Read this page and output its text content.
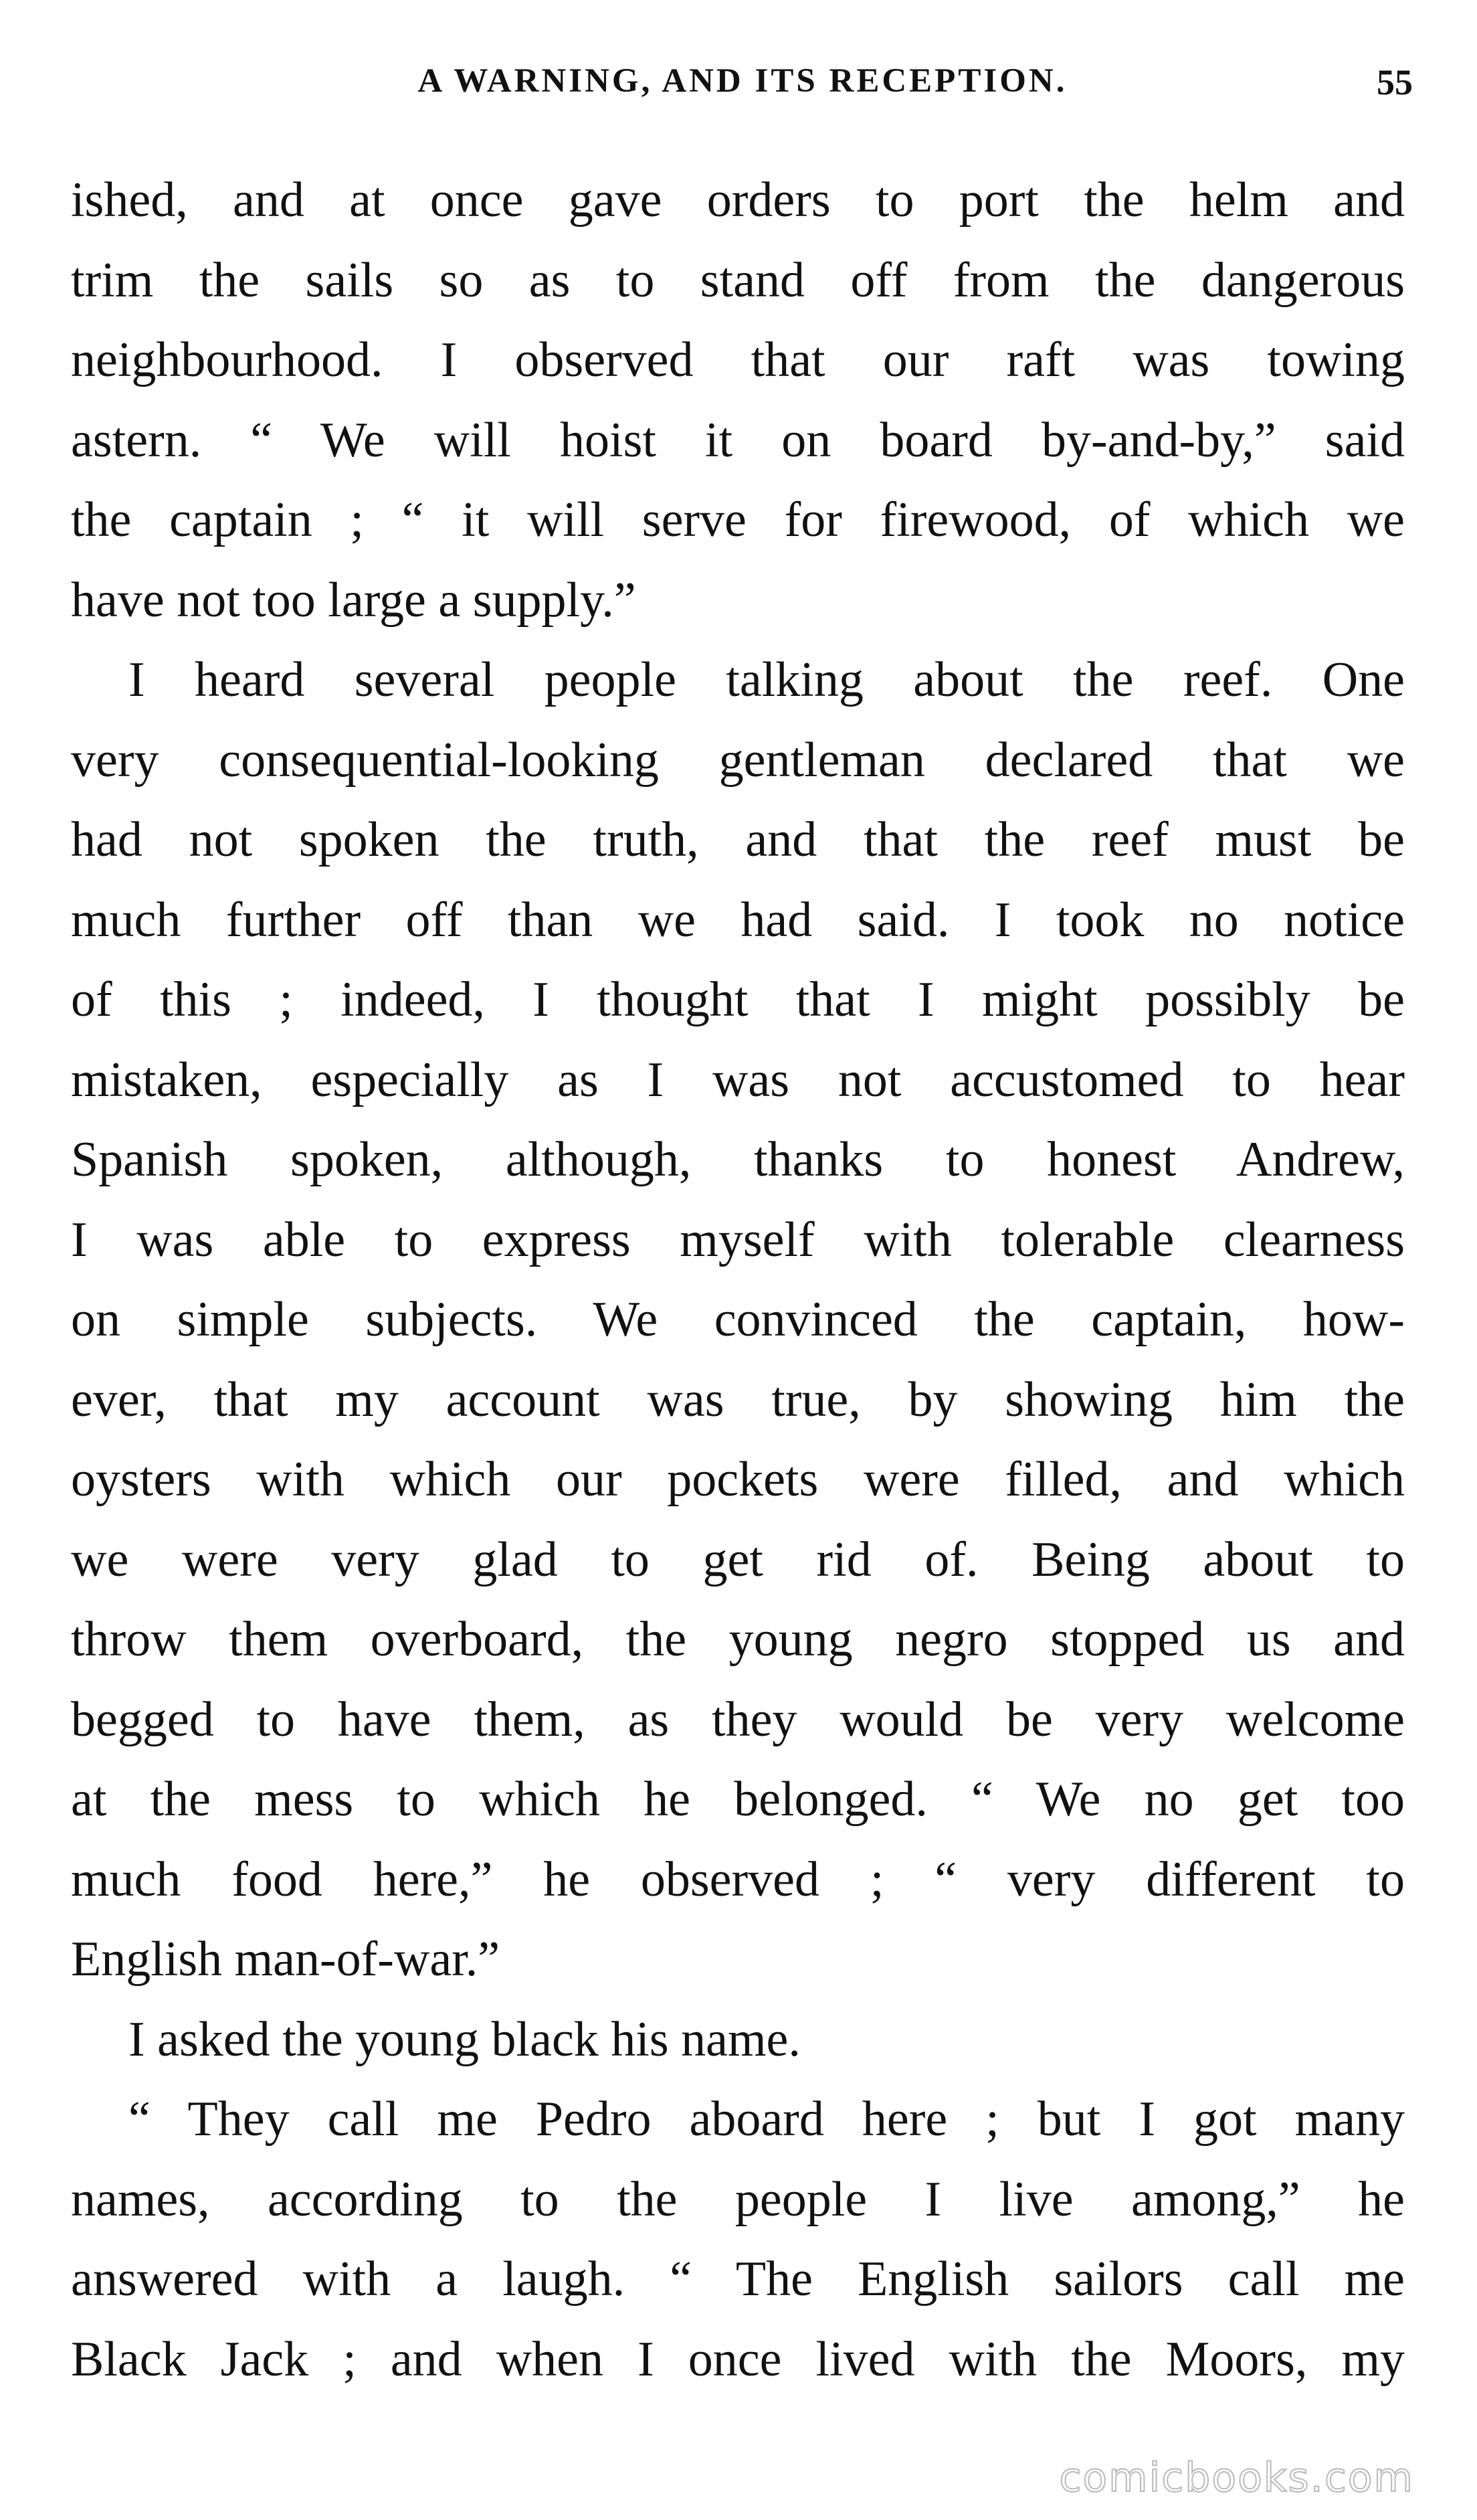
A WARNING, AND ITS RECEPTION.	55
ished, and at once gave orders to port the helm and
trim the sails so as to stand off from the dangerous
neighbourhood. I observed that our raft was towing
astern. “ We will hoist it on board by-and-by,” said
the captain ; “ it will serve for firewood, of which we
have not too large a supply.”
I heard several people talking about the reef. One
very consequential-looking gentleman declared that we
had not spoken the truth, and that the reef must be
much further off than we had said. I took no notice
of this ; indeed, I thought that I might possibly be
mistaken, especially as I was not accustomed to hear
Spanish spoken, although, thanks to honest Andrew,
I was able to express myself with tolerable clearness
on simple subjects. We convinced the captain, how-
ever, that my account was true, by showing him the
oysters with which our pockets were filled, and which
we were very glad to get rid of. Being about to
throw them overboard, the young negro stopped us and
begged to have them, as they would be very welcome
at the mess to which he belonged. “ We no get too
much food here,” he observed ; “ very different to
English man-of-war.”
I asked the young black his name.
“ They call me Pedro aboard here ; but I got many
names, according to the people I live among,” he
answered with a laugh. “ The English sailors call me
Black Jack ; and when I once lived with the Moors, my
comicbooks.com
